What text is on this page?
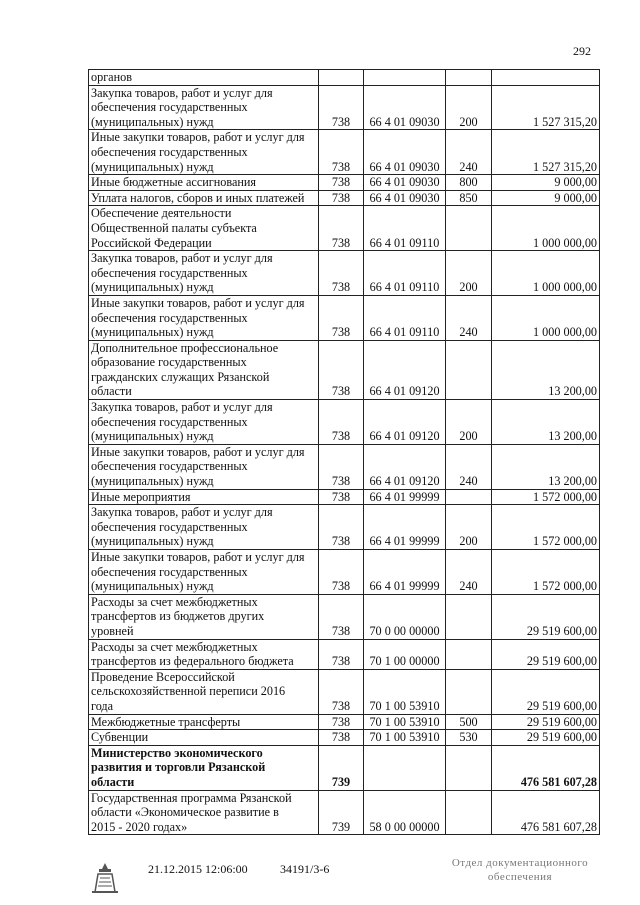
292
органов				
Закупка товаров, работ и услуг для
обеспечения государственных
(муниципальных) нужд	738	66 4 01 09030	200	1 527 315,20
Иные закупки товаров, работ и услуг для
обеспечения государственных
(муниципальных) нужд	738	66 4 01 09030	240	1 527 315,20
Иные бюджетные ассигнования	738	66 4 01 09030	800	9 000,00
Уплата налогов, сборов и иных платежей	738	66 4 01 09030	850	9 000,00
Обеспечение деятельности
Общественной палаты субъекта
Российской Федерации	738	66 4 01 09110		1 000 000,00
Закупка товаров, работ и услуг для
обеспечения государственных
(муниципальных) нужд	738	66 4 01 09110	200	1 000 000,00
Иные закупки товаров, работ и услуг для
обеспечения государственных
(муниципальных) нужд	738	66 4 01 09110	240	1 000 000,00
Дополнительное профессиональное
образование государственных
гражданских служащих Рязанской
области	738	66 4 01 09120		13 200,00
Закупка товаров, работ и услуг для
обеспечения государственных
(муниципальных) нужд	738	66 4 01 09120	200	13 200,00
Иные закупки товаров, работ и услуг для
обеспечения государственных
(муниципальных) нужд	738	66 4 01 09120	240	13 200,00
Иные мероприятия	738	66 4 01 99999		1 572 000,00
Закупка товаров, работ и услуг для
обеспечения государственных
(муниципальных) нужд	738	66 4 01 99999	200	1 572 000,00
Иные закупки товаров, работ и услуг для
обеспечения государственных
(муниципальных) нужд	738	66 4 01 99999	240	1 572 000,00
Расходы за счет межбюджетных
трансфертов из бюджетов других
уровней	738	70 0 00 00000		29 519 600,00
Расходы за счет межбюджетных
трансфертов из федерального бюджета	738	70 1 00 00000		29 519 600,00
Проведение Всероссийской
сельскохозяйственной переписи 2016
года	738	70 1 00 53910		29 519 600,00
Межбюджетные трансферты	738	70 1 00 53910	500	29 519 600,00
Субвенции	738	70 1 00 53910	530	29 519 600,00
Министерство экономического
развития и торговли Рязанской
области	739			476 581 607,28
Государственная программа Рязанской
области «Экономическое развитие в
2015 - 2020 годах»	739	58 0 00 00000		476 581 607,28
21.12.2015 12:06:00	34191/3-6	Отдел документационного
обеспечения
